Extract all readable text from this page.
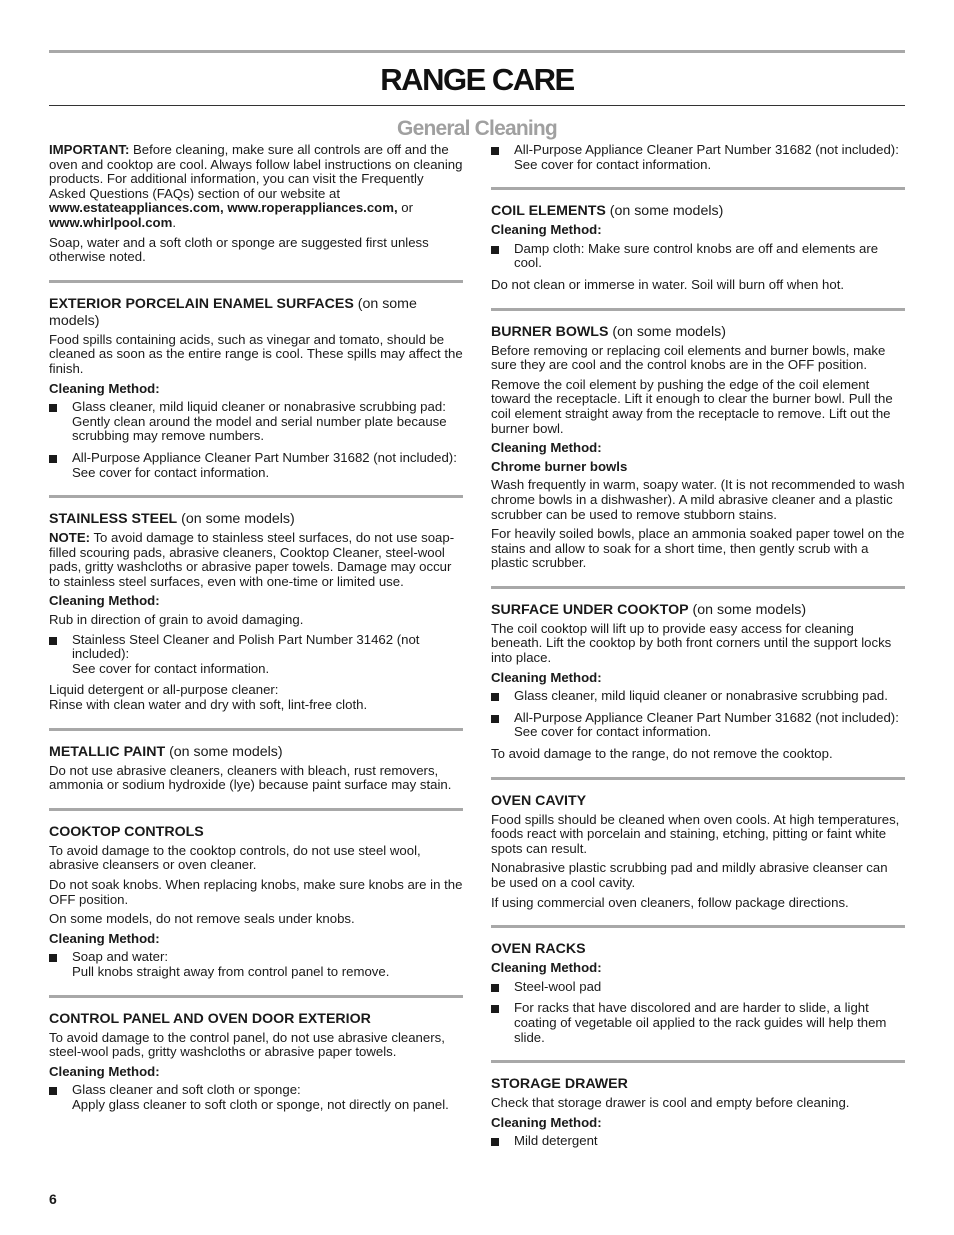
RANGE CARE
General Cleaning

IMPORTANT: Before cleaning, make sure all controls are off and the oven and cooktop are cool. Always follow label instructions on cleaning products. For additional information, you can visit the Frequently Asked Questions (FAQs) section of our website at www.estateappliances.com, www.roperappliances.com, or www.whirlpool.com.

Soap, water and a soft cloth or sponge are suggested first unless otherwise noted.

EXTERIOR PORCELAIN ENAMEL SURFACES (on some models)

Food spills containing acids, such as vinegar and tomato, should be cleaned as soon as the entire range is cool. These spills may affect the finish.

Cleaning Method:
Glass cleaner, mild liquid cleaner or nonabrasive scrubbing pad:
Gently clean around the model and serial number plate because scrubbing may remove numbers.
All-Purpose Appliance Cleaner Part Number 31682 (not included):
See cover for contact information.
STAINLESS STEEL (on some models)

NOTE: To avoid damage to stainless steel surfaces, do not use soap-filled scouring pads, abrasive cleaners, Cooktop Cleaner, steel-wool pads, gritty washcloths or abrasive paper towels. Damage may occur to stainless steel surfaces, even with one-time or limited use.

Cleaning Method:

Rub in direction of grain to avoid damaging.

Stainless Steel Cleaner and Polish Part Number 31462 (not included):
See cover for contact information.

Liquid detergent or all-purpose cleaner:
Rinse with clean water and dry with soft, lint-free cloth.

METALLIC PAINT (on some models)

Do not use abrasive cleaners, cleaners with bleach, rust removers, ammonia or sodium hydroxide (lye) because paint surface may stain.

COOKTOP CONTROLS

To avoid damage to the cooktop controls, do not use steel wool, abrasive cleansers or oven cleaner.

Do not soak knobs. When replacing knobs, make sure knobs are in the OFF position.

On some models, do not remove seals under knobs.

Cleaning Method:
Soap and water:
Pull knobs straight away from control panel to remove.
CONTROL PANEL AND OVEN DOOR EXTERIOR

To avoid damage to the control panel, do not use abrasive cleaners, steel-wool pads, gritty washcloths or abrasive paper towels.

Cleaning Method:
Glass cleaner and soft cloth or sponge:
Apply glass cleaner to soft cloth or sponge, not directly on panel.
All-Purpose Appliance Cleaner Part Number 31682 (not included):
See cover for contact information.
COIL ELEMENTS (on some models)
Cleaning Method:
Damp cloth: Make sure control knobs are off and elements are cool.

Do not clean or immerse in water. Soil will burn off when hot.

BURNER BOWLS (on some models)

Before removing or replacing coil elements and burner bowls, make sure they are cool and the control knobs are in the OFF position.

Remove the coil element by pushing the edge of the coil element toward the receptacle. Lift it enough to clear the burner bowl. Pull the coil element straight away from the receptacle to remove. Lift out the burner bowl.

Cleaning Method:
Chrome burner bowls

Wash frequently in warm, soapy water. (It is not recommended to wash chrome bowls in a dishwasher). A mild abrasive cleaner and a plastic scrubber can be used to remove stubborn stains.

For heavily soiled bowls, place an ammonia soaked paper towel on the stains and allow to soak for a short time, then gently scrub with a plastic scrubber.

SURFACE UNDER COOKTOP (on some models)

The coil cooktop will lift up to provide easy access for cleaning beneath. Lift the cooktop by both front corners until the support locks into place.

Cleaning Method:
Glass cleaner, mild liquid cleaner or nonabrasive scrubbing pad.
All-Purpose Appliance Cleaner Part Number 31682 (not included):
See cover for contact information.

To avoid damage to the range, do not remove the cooktop.

OVEN CAVITY

Food spills should be cleaned when oven cools. At high temperatures, foods react with porcelain and staining, etching, pitting or faint white spots can result.

Nonabrasive plastic scrubbing pad and mildly abrasive cleanser can be used on a cool cavity.

If using commercial oven cleaners, follow package directions.

OVEN RACKS
Cleaning Method:
Steel-wool pad
For racks that have discolored and are harder to slide, a light coating of vegetable oil applied to the rack guides will help them slide.
STORAGE DRAWER

Check that storage drawer is cool and empty before cleaning.

Cleaning Method:
Mild detergent
6
